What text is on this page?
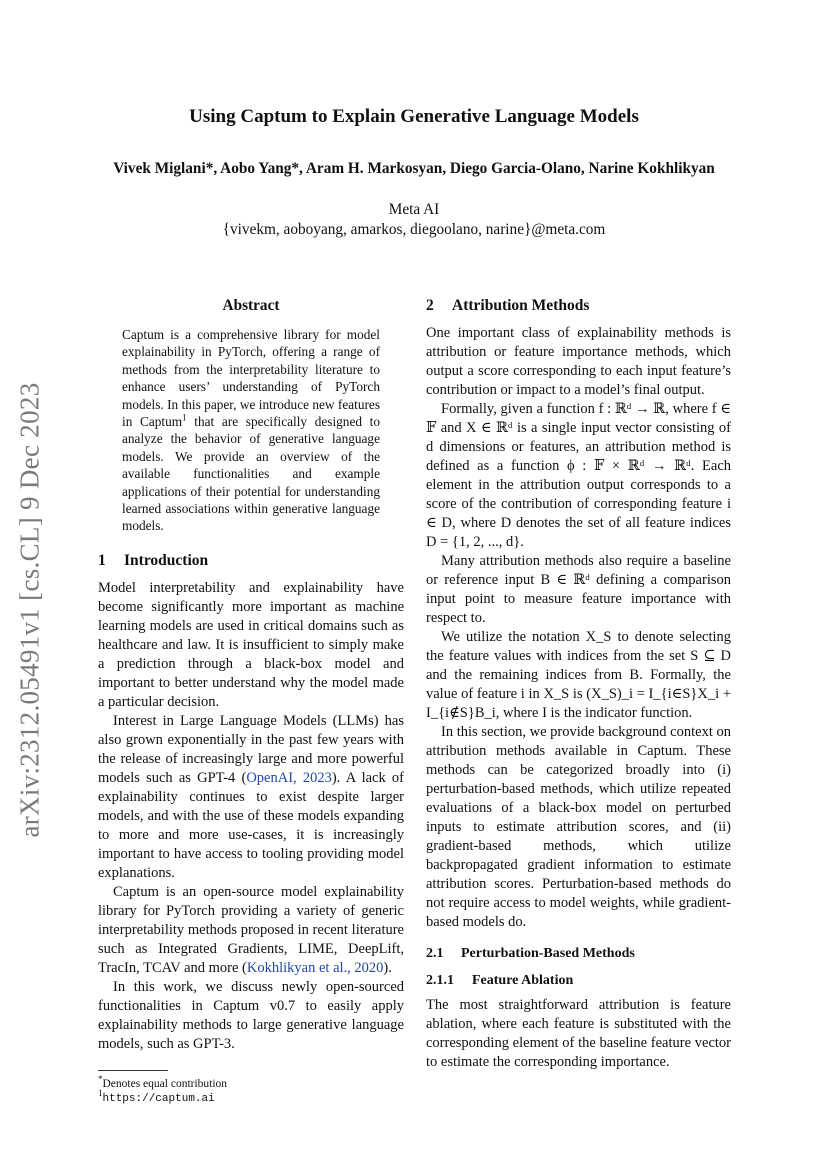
arXiv:2312.05491v1 [cs.CL] 9 Dec 2023
Using Captum to Explain Generative Language Models
Vivek Miglani*, Aobo Yang*, Aram H. Markosyan, Diego Garcia-Olano, Narine Kokhlikyan
Meta AI
{vivekm, aoboyang, amarkos, diegoolano, narine}@meta.com
Abstract
Captum is a comprehensive library for model explainability in PyTorch, offering a range of methods from the interpretability literature to enhance users’ understanding of PyTorch models. In this paper, we introduce new features in Captum$^1$ that are specifically designed to analyze the behavior of generative language models. We provide an overview of the available functionalities and example applications of their potential for understanding learned associations within generative language models.
1 Introduction

Model interpretability and explainability have become significantly more important as machine learning models are used in critical domains such as healthcare and law. It is insufficient to simply make a prediction through a black-box model and important to better understand why the model made a particular decision.

Interest in Large Language Models (LLMs) has also grown exponentially in the past few years with the release of increasingly large and more powerful models such as GPT-4 (OpenAI, 2023). A lack of explainability continues to exist despite larger models, and with the use of these models expanding to more and more use-cases, it is increasingly important to have access to tooling providing model explanations.

Captum is an open-source model explainability library for PyTorch providing a variety of generic interpretability methods proposed in recent literature such as Integrated Gradients, LIME, DeepLift, TracIn, TCAV and more (Kokhlikyan et al., 2020).

In this work, we discuss newly open-sourced functionalities in Captum v0.7 to easily apply explainability methods to large generative language models, such as GPT-3.

*Denotes equal contribution
$^1$https://captum.ai
2 Attribution Methods

One important class of explainability methods is attribution or feature importance methods, which output a score corresponding to each input feature’s contribution or impact to a model’s final output.

Formally, given a function f : ℝᵈ → ℝ, where f ∈ 𝔽 and X ∈ ℝᵈ is a single input vector consisting of d dimensions or features, an attribution method is defined as a function ϕ : 𝔽 × ℝᵈ → ℝᵈ. Each element in the attribution output corresponds to a score of the contribution of corresponding feature i ∈ D, where D denotes the set of all feature indices D = {1, 2, ..., d}.

Many attribution methods also require a baseline or reference input B ∈ ℝᵈ defining a comparison input point to measure feature importance with respect to.

We utilize the notation X_S to denote selecting the feature values with indices from the set S ⊆ D and the remaining indices from B. Formally, the value of feature i in X_S is (X_S)_i = I_{i∈S}X_i + I_{i∉S}B_i, where I is the indicator function.

In this section, we provide background context on attribution methods available in Captum. These methods can be categorized broadly into (i) perturbation-based methods, which utilize repeated evaluations of a black-box model on perturbed inputs to estimate attribution scores, and (ii) gradient-based methods, which utilize backpropagated gradient information to estimate attribution scores. Perturbation-based methods do not require access to model weights, while gradient-based models do.

2.1 Perturbation-Based Methods
2.1.1 Feature Ablation

The most straightforward attribution is feature ablation, where each feature is substituted with the corresponding element of the baseline feature vector to estimate the corresponding importance.
